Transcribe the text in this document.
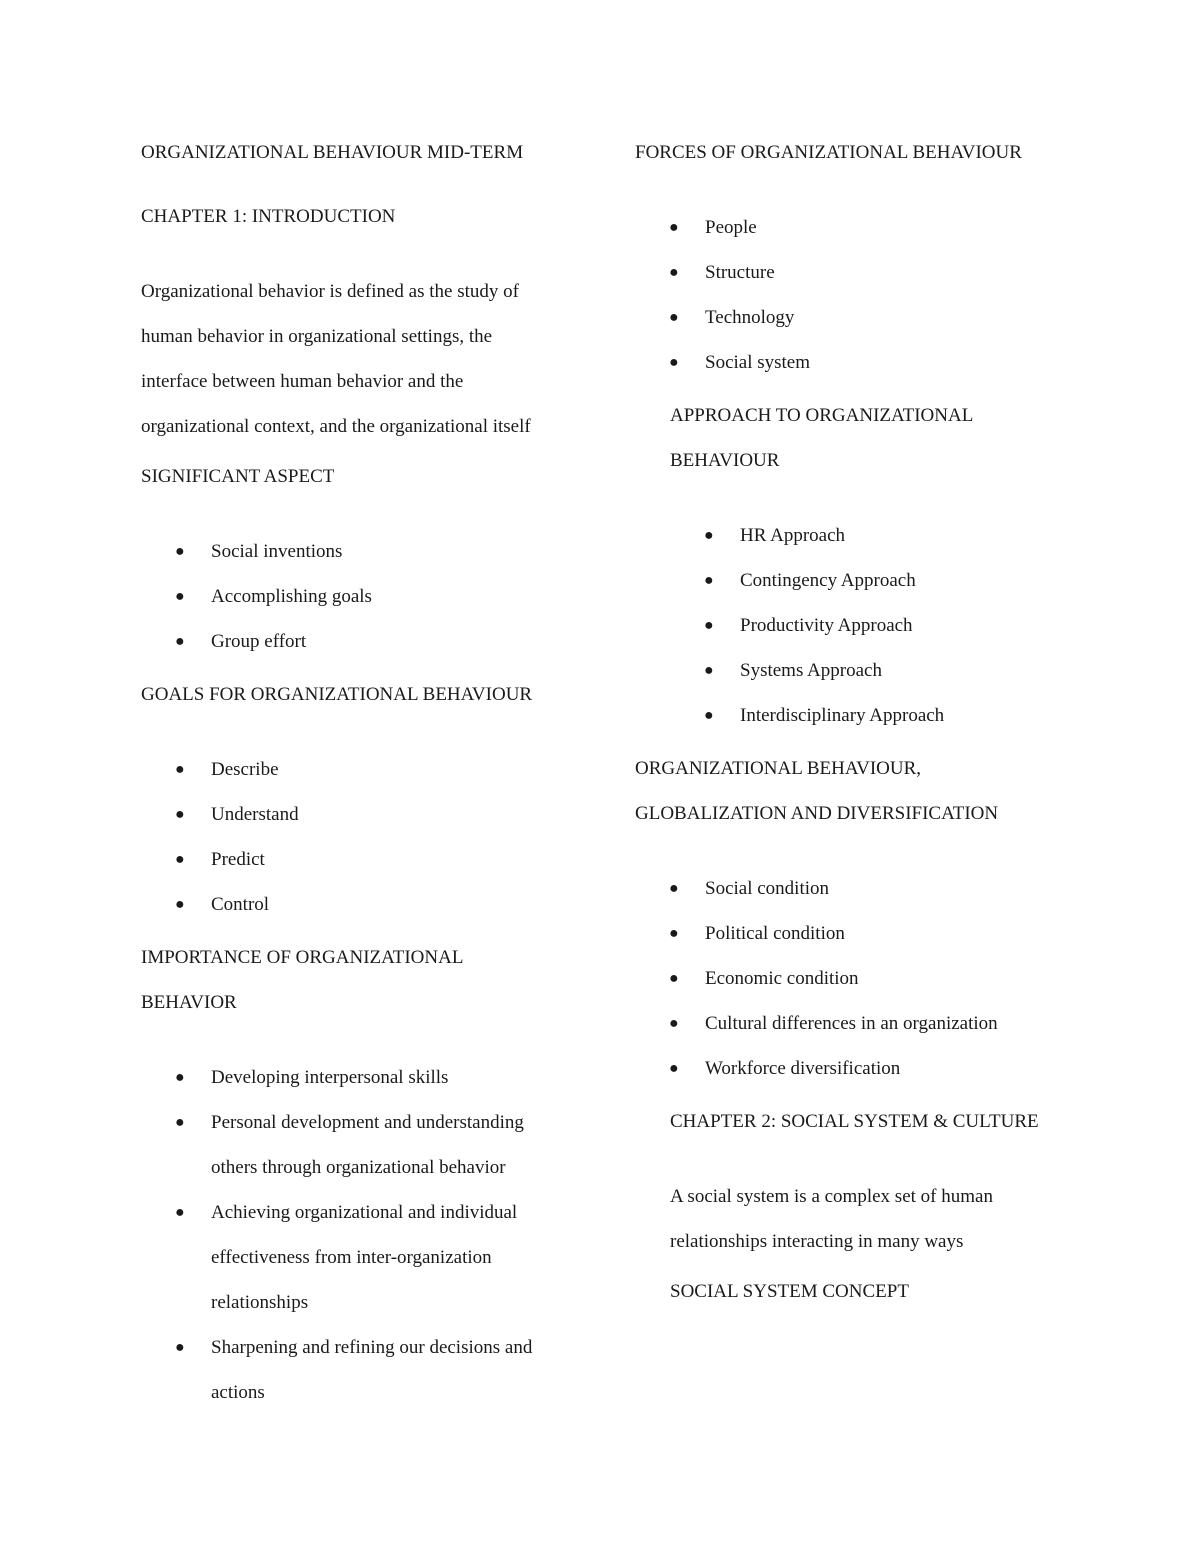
ORGANIZATIONAL BEHAVIOUR MID-TERM
CHAPTER 1: INTRODUCTION
Organizational behavior is defined as the study of
human behavior in organizational settings, the
interface between human behavior and the
organizational context, and the organizational itself
SIGNIFICANT ASPECT
● Social inventions
● Accomplishing goals
● Group effort
GOALS FOR ORGANIZATIONAL BEHAVIOUR
● Describe
● Understand
● Predict
● Control
IMPORTANCE OF ORGANIZATIONAL
BEHAVIOR
● Developing interpersonal skills
● Personal development and understanding
others through organizational behavior
● Achieving organizational and individual
effectiveness from inter-organization
relationships
● Sharpening and refining our decisions and
actions
FORCES OF ORGANIZATIONAL BEHAVIOUR
● People
● Structure
● Technology
● Social system
APPROACH TO ORGANIZATIONAL
BEHAVIOUR
● HR Approach
● Contingency Approach
● Productivity Approach
● Systems Approach
● Interdisciplinary Approach
ORGANIZATIONAL BEHAVIOUR,
GLOBALIZATION AND DIVERSIFICATION
● Social condition
● Political condition
● Economic condition
● Cultural differences in an organization
● Workforce diversification
CHAPTER 2: SOCIAL SYSTEM & CULTURE
A social system is a complex set of human
relationships interacting in many ways
SOCIAL SYSTEM CONCEPT
